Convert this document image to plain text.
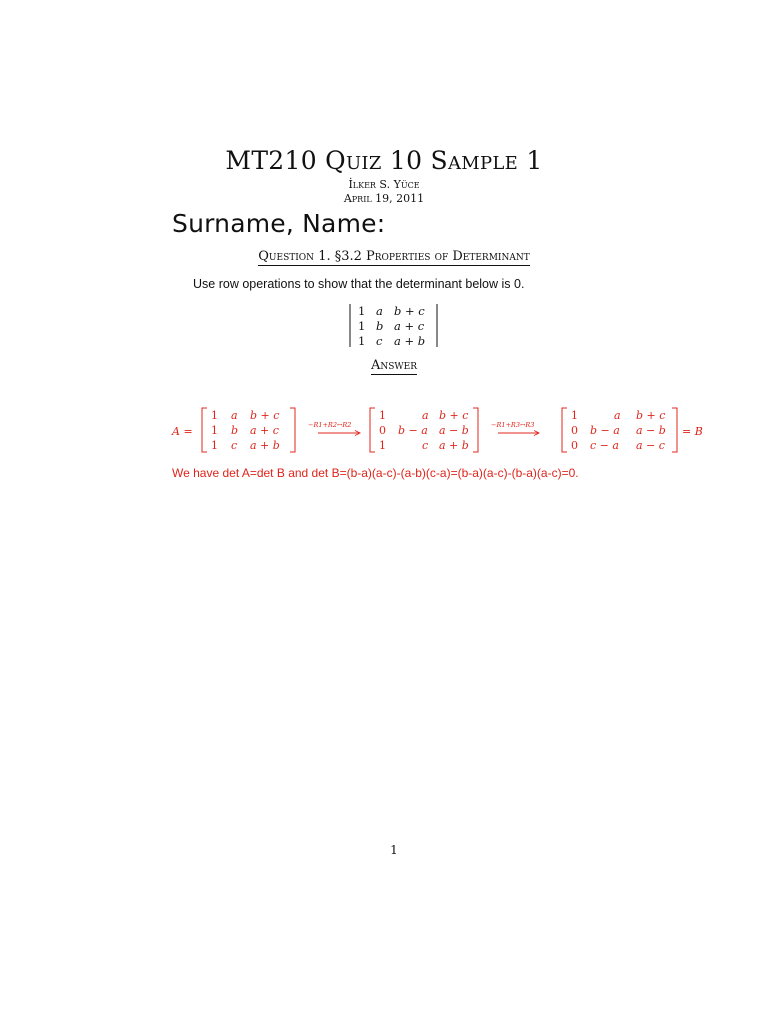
MT210 Quiz 10 Sample 1
İlker S. Yüce
April 19, 2011
Surname, Name:
Question 1. §3.2 Properties of Determinant
Use row operations to show that the determinant below is 0.
1 a b + c
1 b a + c
1 c a + b
Answer
A =
1 a b + c
1 b a + c
1 c a + b
−R1+R2↔R2
1	a b + c
0 b − a a − b
1	c a + b
−R1+R3↔R3
1	a b + c
0 b − a a − b
0 c − a a − c
= B
We have det A=det B and det B=(b-a)(a-c)-(a-b)(c-a)=(b-a)(a-c)-(b-a)(a-c)=0.
1
